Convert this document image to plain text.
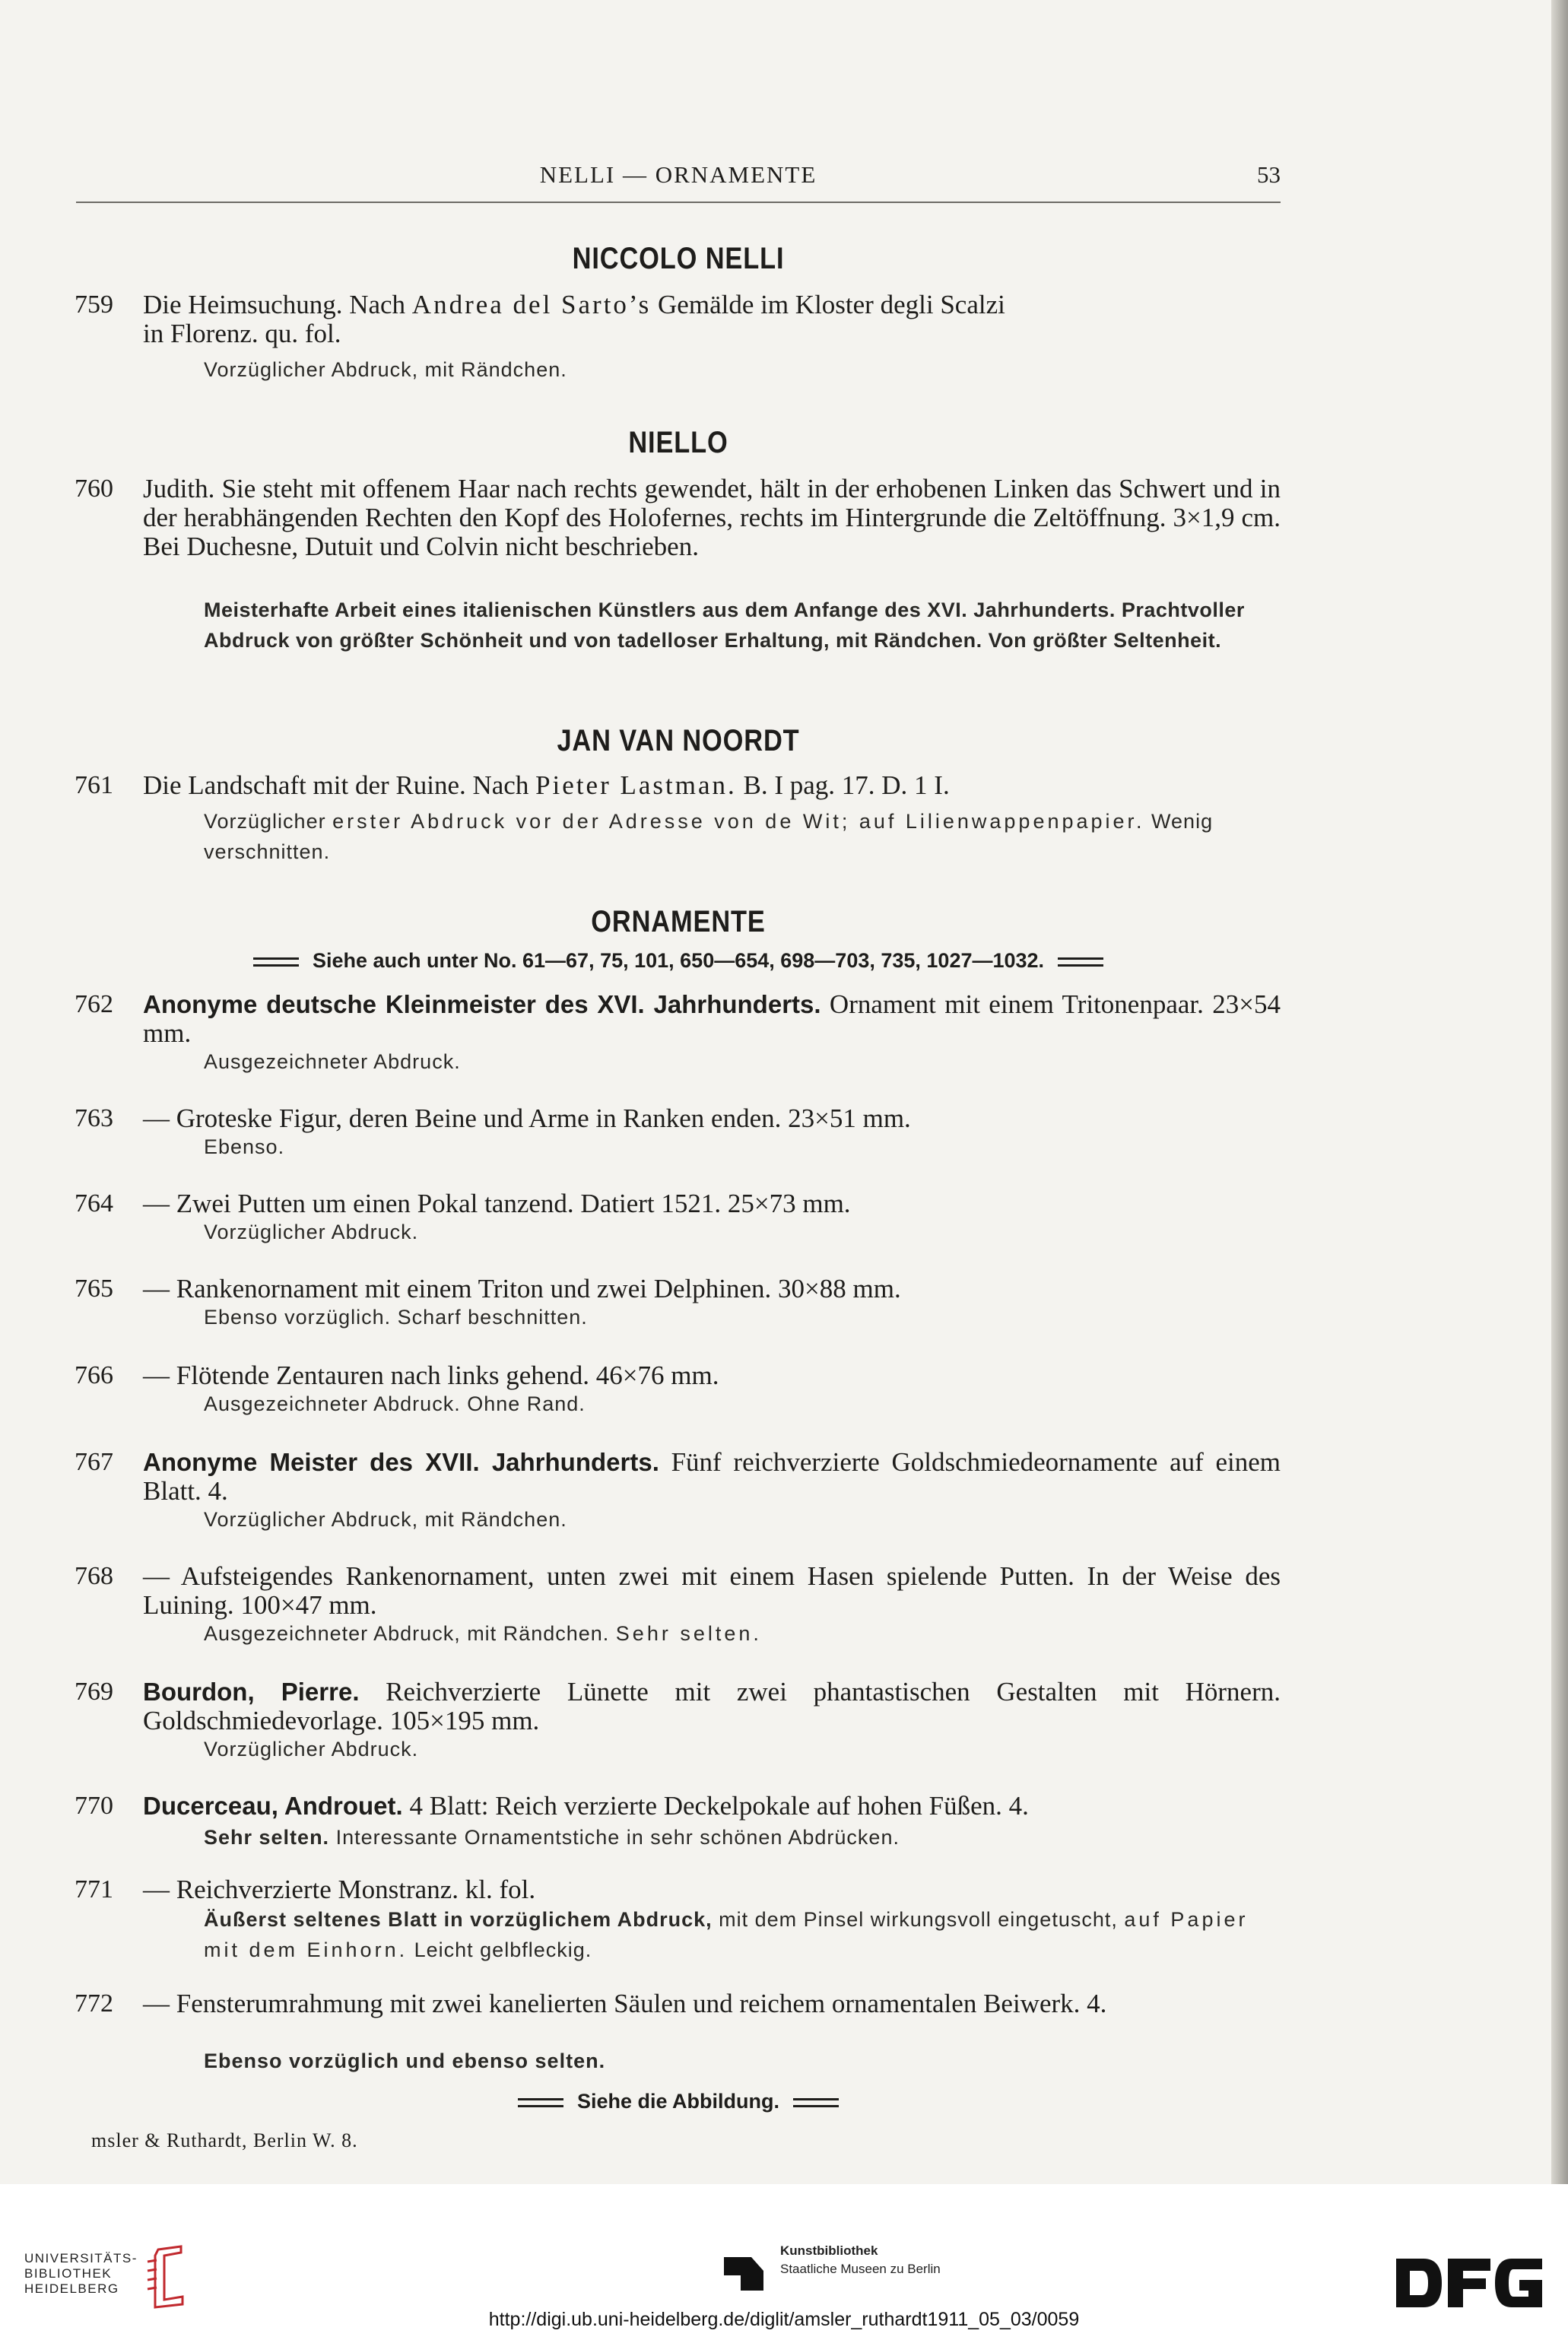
NELLI — ORNAMENTE	53
NICCOLO NELLI
759 Die Heimsuchung. Nach Andrea del Sarto’s Gemälde im Kloster degli Scalzi
in Florenz. qu. fol.
Vorzüglicher Abdruck, mit Rändchen.
NIELLO
760 Judith. Sie steht mit offenem Haar nach rechts gewendet, hält in der erhobenen Linken das Schwert und in der herabhängenden Rechten den Kopf des Holofernes, rechts im Hintergrunde die Zeltöffnung. 3×1,9 cm. Bei Duchesne, Dutuit und Colvin nicht beschrieben.
Meisterhafte Arbeit eines italienischen Künstlers aus dem Anfange des XVI. Jahrhunderts. Prachtvoller Abdruck von größter Schönheit und von tadelloser Erhaltung, mit Rändchen. Von größter Seltenheit.
JAN VAN NOORDT
761 Die Landschaft mit der Ruine. Nach Pieter Lastman. B. I pag. 17. D. 1 I.
Vorzüglicher erster Abdruck vor der Adresse von de Wit; auf Lilienwappenpapier. Wenig verschnitten.
ORNAMENTE
Siehe auch unter No. 61—67, 75, 101, 650—654, 698—703, 735, 1027—1032.
762 Anonyme deutsche Kleinmeister des XVI. Jahrhunderts. Ornament mit einem Tritonenpaar. 23×54 mm.
Ausgezeichneter Abdruck.
763 — Groteske Figur, deren Beine und Arme in Ranken enden. 23×51 mm.
Ebenso.
764 — Zwei Putten um einen Pokal tanzend. Datiert 1521. 25×73 mm.
Vorzüglicher Abdruck.
765 — Rankenornament mit einem Triton und zwei Delphinen. 30×88 mm.
Ebenso vorzüglich. Scharf beschnitten.
766 — Flötende Zentauren nach links gehend. 46×76 mm.
Ausgezeichneter Abdruck. Ohne Rand.
767 Anonyme Meister des XVII. Jahrhunderts. Fünf reichverzierte Goldschmiedeornamente auf einem Blatt. 4.
Vorzüglicher Abdruck, mit Rändchen.
768 — Aufsteigendes Rankenornament, unten zwei mit einem Hasen spielende Putten. In der Weise des Luining. 100×47 mm.
Ausgezeichneter Abdruck, mit Rändchen. Sehr selten.
769 Bourdon, Pierre. Reichverzierte Lünette mit zwei phantastischen Gestalten mit Hörnern. Goldschmiedevorlage. 105×195 mm.
Vorzüglicher Abdruck.
770 Ducerceau, Androuet. 4 Blatt: Reich verzierte Deckelpokale auf hohen Füßen. 4.
Sehr selten. Interessante Ornamentstiche in sehr schönen Abdrücken.
771 — Reichverzierte Monstranz. kl. fol.
Äußerst seltenes Blatt in vorzüglichem Abdruck, mit dem Pinsel wirkungsvoll eingetuscht, auf Papier mit dem Einhorn. Leicht gelbfleckig.
772 — Fensterumrahmung mit zwei kanelierten Säulen und reichem ornamentalen Beiwerk. 4.
Ebenso vorzüglich und ebenso selten.
Siehe die Abbildung.
msler & Ruthardt, Berlin W. 8.
UNIVERSITÄTS-
BIBLIOTHEK
HEIDELBERG
Kunstbibliothek
Staatliche Museen zu Berlin
http://digi.ub.uni-heidelberg.de/diglit/amsler_ruthardt1911_05_03/0059
